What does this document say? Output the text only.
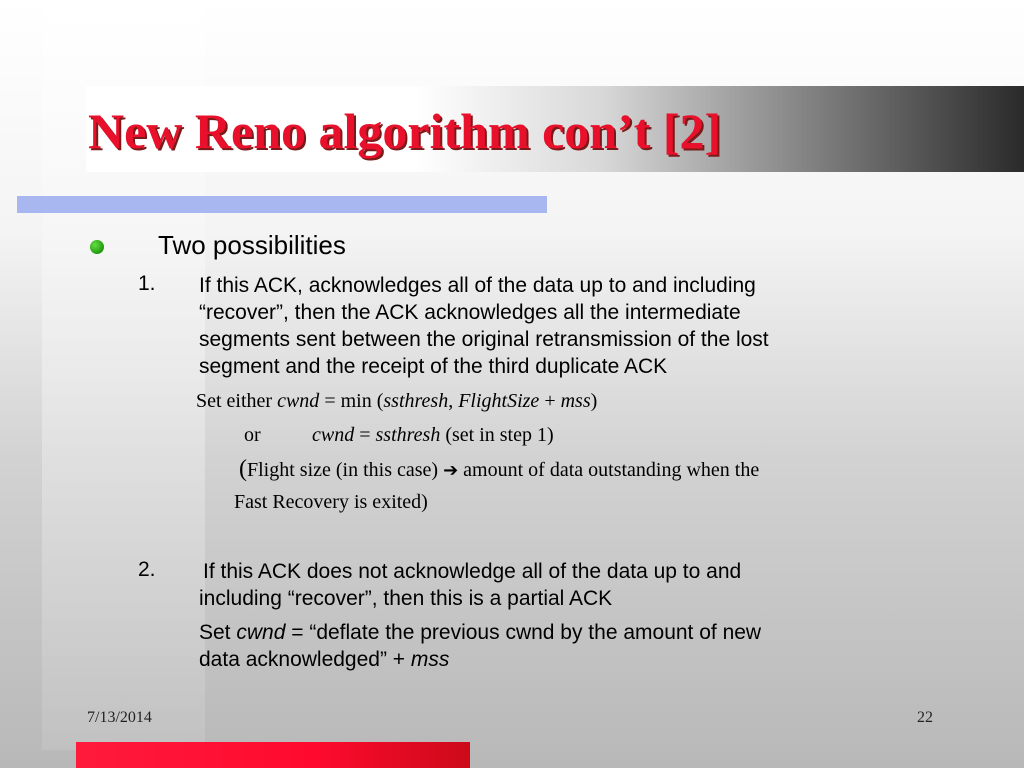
New Reno algorithm con’t [2]

Two possibilities

1. If this ACK, acknowledges all of the data up to and including

“recover”, then the ACK acknowledges all the intermediate

segments sent between the original retransmission of the lost

segment and the receipt of the third duplicate ACK

Set either cwnd = min (ssthresh, FlightSize + mss)

or	cwnd = ssthresh (set in step 1)

(Flight size (in this case) ➔ amount of data outstanding when the

Fast Recovery is exited)

2. If this ACK does not acknowledge all of the data up to and

including “recover”, then this is a partial ACK

Set cwnd = “deflate the previous cwnd by the amount of new

data acknowledged” + mss

7/13/2014	22
